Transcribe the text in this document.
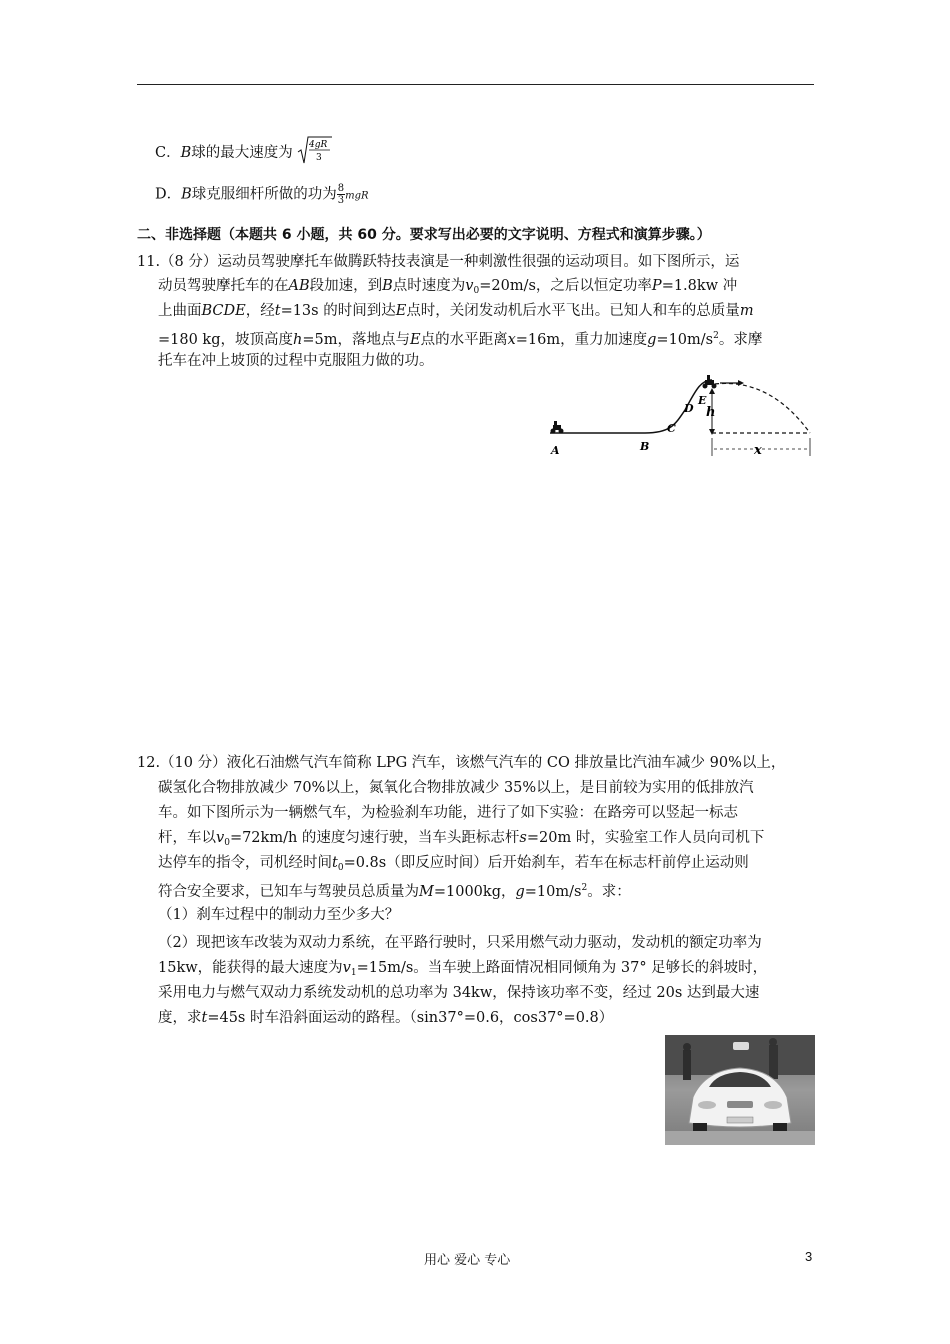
C．B球的最大速度为 4gR
3
D．B球克服细杆所做的功为 $\frac{8}{3}$ mgR
二、非选择题（本题共 6 小题，共 60 分。要求写出必要的文字说明、方程式和演算步骤。）
11.（8 分）运动员驾驶摩托车做腾跃特技表演是一种刺激性很强的运动项目。如下图所示，运
动员驾驶摩托车的在AB段加速，到B点时速度为$v_0=20m/s$，之后以恒定功率P=1.8kw 冲
上曲面BCDE，经t=13s 的时间到达E点时，关闭发动机后水平飞出。已知人和车的总质量m
=180 kg，坡顶高度h=5m，落地点与E点的水平距离x=16m，重力加速度$g=10m/s^2$。求摩
托车在冲上坡顶的过程中克服阻力做的功。
A	B
C
D
E
h
x
12.（10 分）液化石油燃气汽车简称 LPG 汽车，该燃气汽车的 CO 排放量比汽油车减少 90%以上，
碳氢化合物排放减少 70%以上，氮氧化合物排放减少 35%以上，是目前较为实用的低排放汽
车。如下图所示为一辆燃气车，为检验刹车功能，进行了如下实验：在路旁可以竖起一标志
杆，车以$v_0=72km/h$ 的速度匀速行驶，当车头距标志杆s=20m 时，实验室工作人员向司机下
达停车的指令，司机经时间$t_0=0.8s$（即反应时间）后开始刹车，若车在标志杆前停止运动则
符合安全要求，已知车与驾驶员总质量为M=1000kg，$g=10m/s^2$。求：
（1）刹车过程中的制动力至少多大？
（2）现把该车改装为双动力系统，在平路行驶时，只采用燃气动力驱动，发动机的额定功率为
15kw，能获得的最大速度为$v_1=15m/s$。当车驶上路面情况相同倾角为 37° 足够长的斜坡时，
采用电力与燃气双动力系统发动机的总功率为 34kw，保持该功率不变，经过 20s 达到最大速
度，求t=45s 时车沿斜面运动的路程。（sin37°=0.6，cos37°=0.8）
用心 爱心 专心	3
